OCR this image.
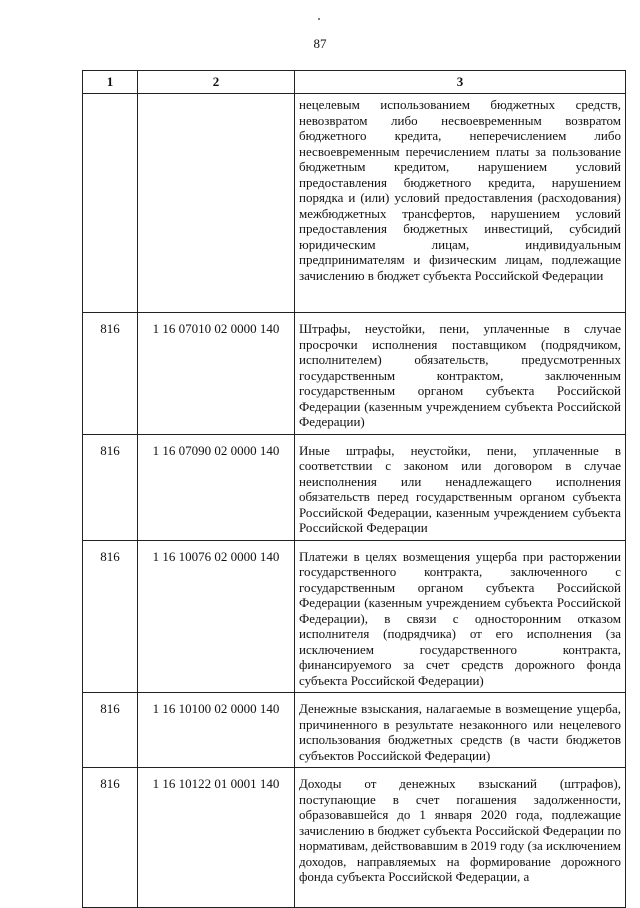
87
1	2	3
		нецелевым использованием бюджетных средств, невозвратом либо несвоевременным возвратом бюджетного кредита, неперечислением либо несвоевременным перечислением платы за пользование бюджетным кредитом, нарушением условий предоставления бюджетного кредита, нарушением порядка и (или) условий предоставления (расходования) межбюджетных трансфертов, нарушением условий предоставления бюджетных инвестиций, субсидий юридическим лицам, индивидуальным предпринимателям и физическим лицам, подлежащие зачислению в бюджет субъекта Российской Федерации
816	1 16 07010 02 0000 140	Штрафы, неустойки, пени, уплаченные в случае просрочки исполнения поставщиком (подрядчиком, исполнителем) обязательств, предусмотренных государственным контрактом, заключенным государственным органом субъекта Российской Федерации (казенным учреждением субъекта Российской Федерации)
816	1 16 07090 02 0000 140	Иные штрафы, неустойки, пени, уплаченные в соответствии с законом или договором в случае неисполнения или ненадлежащего исполнения обязательств перед государственным органом субъекта Российской Федерации, казенным учреждением субъекта Российской Федерации
816	1 16 10076 02 0000 140	Платежи в целях возмещения ущерба при расторжении государственного контракта, заключенного с государственным органом субъекта Российской Федерации (казенным учреждением субъекта Российской Федерации), в связи с односторонним отказом исполнителя (подрядчика) от его исполнения (за исключением государственного контракта, финансируемого за счет средств дорожного фонда субъекта Российской Федерации)
816	1 16 10100 02 0000 140	Денежные взыскания, налагаемые в возмещение ущерба, причиненного в результате незаконного или нецелевого использования бюджетных средств (в части бюджетов субъектов Российской Федерации)
816	1 16 10122 01 0001 140	Доходы от денежных взысканий (штрафов), поступающие в счет погашения задолженности, образовавшейся до 1 января 2020 года, подлежащие зачислению в бюджет субъекта Российской Федерации по нормативам, действовавшим в 2019 году (за исключением доходов, направляемых на формирование дорожного фонда субъекта Российской Федерации, а
